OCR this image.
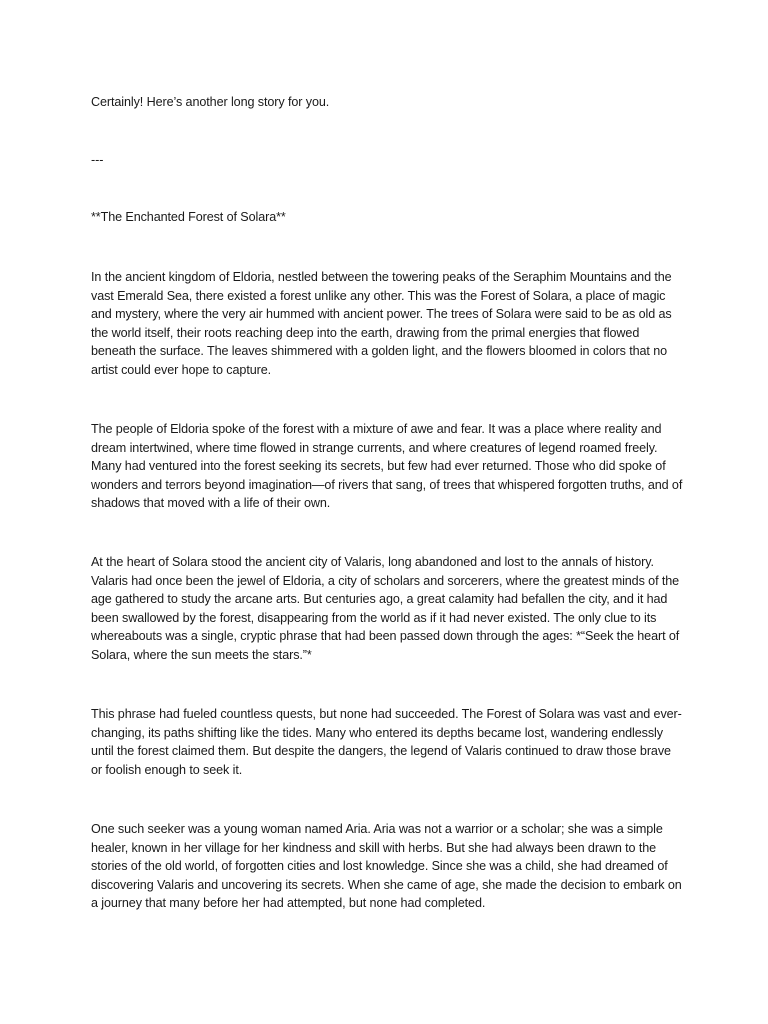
Certainly! Here’s another long story for you.

---

**The Enchanted Forest of Solara**

In the ancient kingdom of Eldoria, nestled between the towering peaks of the Seraphim Mountains and the vast Emerald Sea, there existed a forest unlike any other. This was the Forest of Solara, a place of magic and mystery, where the very air hummed with ancient power. The trees of Solara were said to be as old as the world itself, their roots reaching deep into the earth, drawing from the primal energies that flowed beneath the surface. The leaves shimmered with a golden light, and the flowers bloomed in colors that no artist could ever hope to capture.

The people of Eldoria spoke of the forest with a mixture of awe and fear. It was a place where reality and dream intertwined, where time flowed in strange currents, and where creatures of legend roamed freely. Many had ventured into the forest seeking its secrets, but few had ever returned. Those who did spoke of wonders and terrors beyond imagination—of rivers that sang, of trees that whispered forgotten truths, and of shadows that moved with a life of their own.

At the heart of Solara stood the ancient city of Valaris, long abandoned and lost to the annals of history. Valaris had once been the jewel of Eldoria, a city of scholars and sorcerers, where the greatest minds of the age gathered to study the arcane arts. But centuries ago, a great calamity had befallen the city, and it had been swallowed by the forest, disappearing from the world as if it had never existed. The only clue to its whereabouts was a single, cryptic phrase that had been passed down through the ages: *“Seek the heart of Solara, where the sun meets the stars.”*

This phrase had fueled countless quests, but none had succeeded. The Forest of Solara was vast and ever-changing, its paths shifting like the tides. Many who entered its depths became lost, wandering endlessly until the forest claimed them. But despite the dangers, the legend of Valaris continued to draw those brave or foolish enough to seek it.

One such seeker was a young woman named Aria. Aria was not a warrior or a scholar; she was a simple healer, known in her village for her kindness and skill with herbs. But she had always been drawn to the stories of the old world, of forgotten cities and lost knowledge. Since she was a child, she had dreamed of discovering Valaris and uncovering its secrets. When she came of age, she made the decision to embark on a journey that many before her had attempted, but none had completed.
